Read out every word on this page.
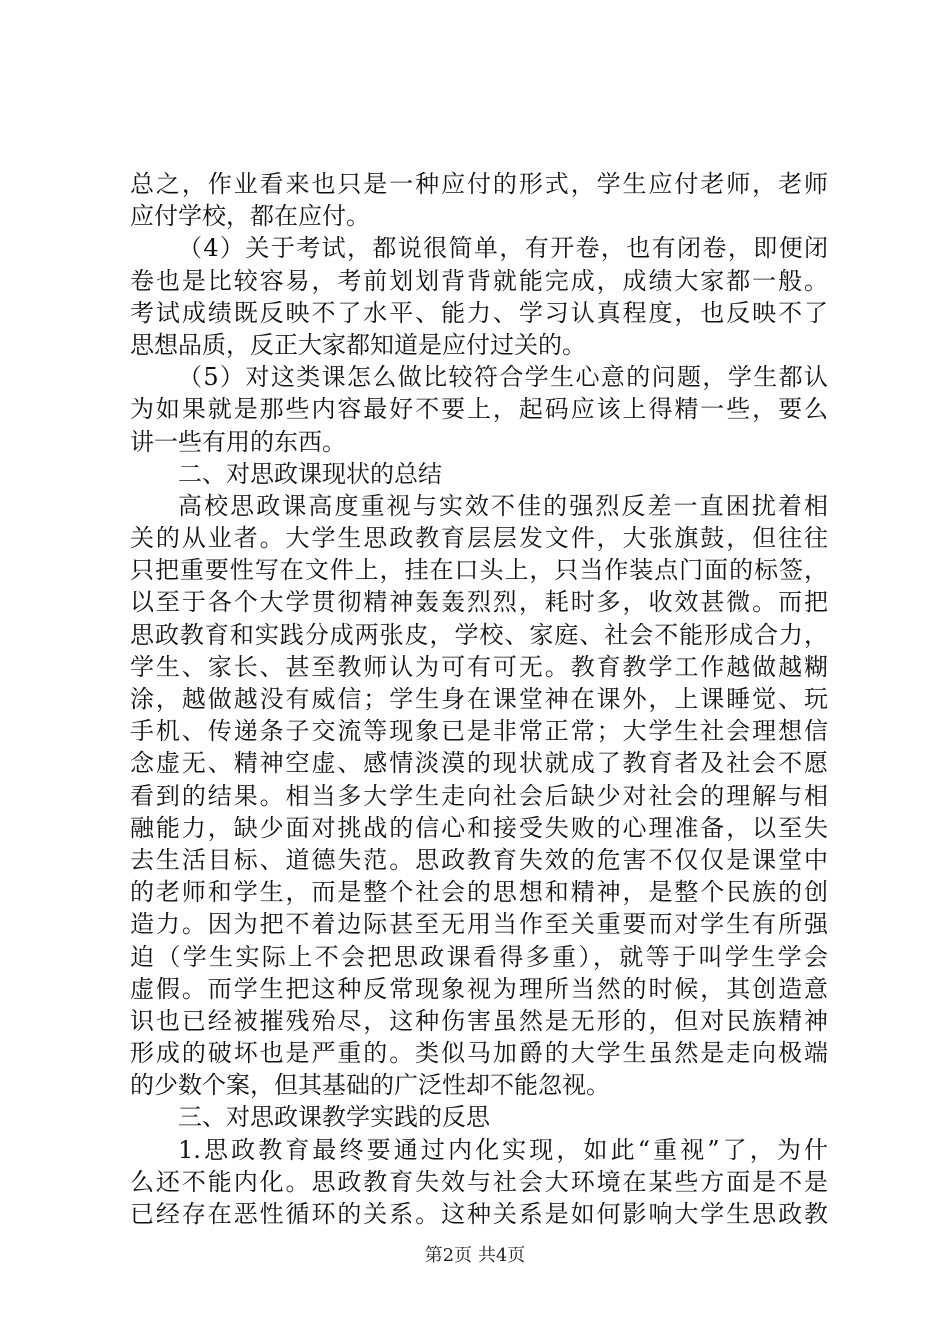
总之，作业看来也只是一种应付的形式，学生应付老师，老师
应付学校，都在应付。
（4）关于考试，都说很简单，有开卷，也有闭卷，即便闭
卷也是比较容易，考前划划背背就能完成，成绩大家都一般。
考试成绩既反映不了水平、能力、学习认真程度，也反映不了
思想品质，反正大家都知道是应付过关的。
（5）对这类课怎么做比较符合学生心意的问题，学生都认
为如果就是那些内容最好不要上，起码应该上得精一些，要么
讲一些有用的东西。
二、对思政课现状的总结
高校思政课高度重视与实效不佳的强烈反差一直困扰着相
关的从业者。大学生思政教育层层发文件，大张旗鼓，但往往
只把重要性写在文件上，挂在口头上，只当作装点门面的标签，
以至于各个大学贯彻精神轰轰烈烈，耗时多，收效甚微。而把
思政教育和实践分成两张皮，学校、家庭、社会不能形成合力，
学生、家长、甚至教师认为可有可无。教育教学工作越做越糊
涂，越做越没有威信；学生身在课堂神在课外，上课睡觉、玩
手机、传递条子交流等现象已是非常正常；大学生社会理想信
念虚无、精神空虚、感情淡漠的现状就成了教育者及社会不愿
看到的结果。相当多大学生走向社会后缺少对社会的理解与相
融能力，缺少面对挑战的信心和接受失败的心理准备，以至失
去生活目标、道德失范。思政教育失效的危害不仅仅是课堂中
的老师和学生，而是整个社会的思想和精神，是整个民族的创
造力。因为把不着边际甚至无用当作至关重要而对学生有所强
迫（学生实际上不会把思政课看得多重），就等于叫学生学会
虚假。而学生把这种反常现象视为理所当然的时候，其创造意
识也已经被摧残殆尽，这种伤害虽然是无形的，但对民族精神
形成的破坏也是严重的。类似马加爵的大学生虽然是走向极端
的少数个案，但其基础的广泛性却不能忽视。
三、对思政课教学实践的反思
1.思政教育最终要通过内化实现，如此“重视”了，为什
么还不能内化。思政教育失效与社会大环境在某些方面是不是
已经存在恶性循环的关系。这种关系是如何影响大学生思政教
第2页 共4页
